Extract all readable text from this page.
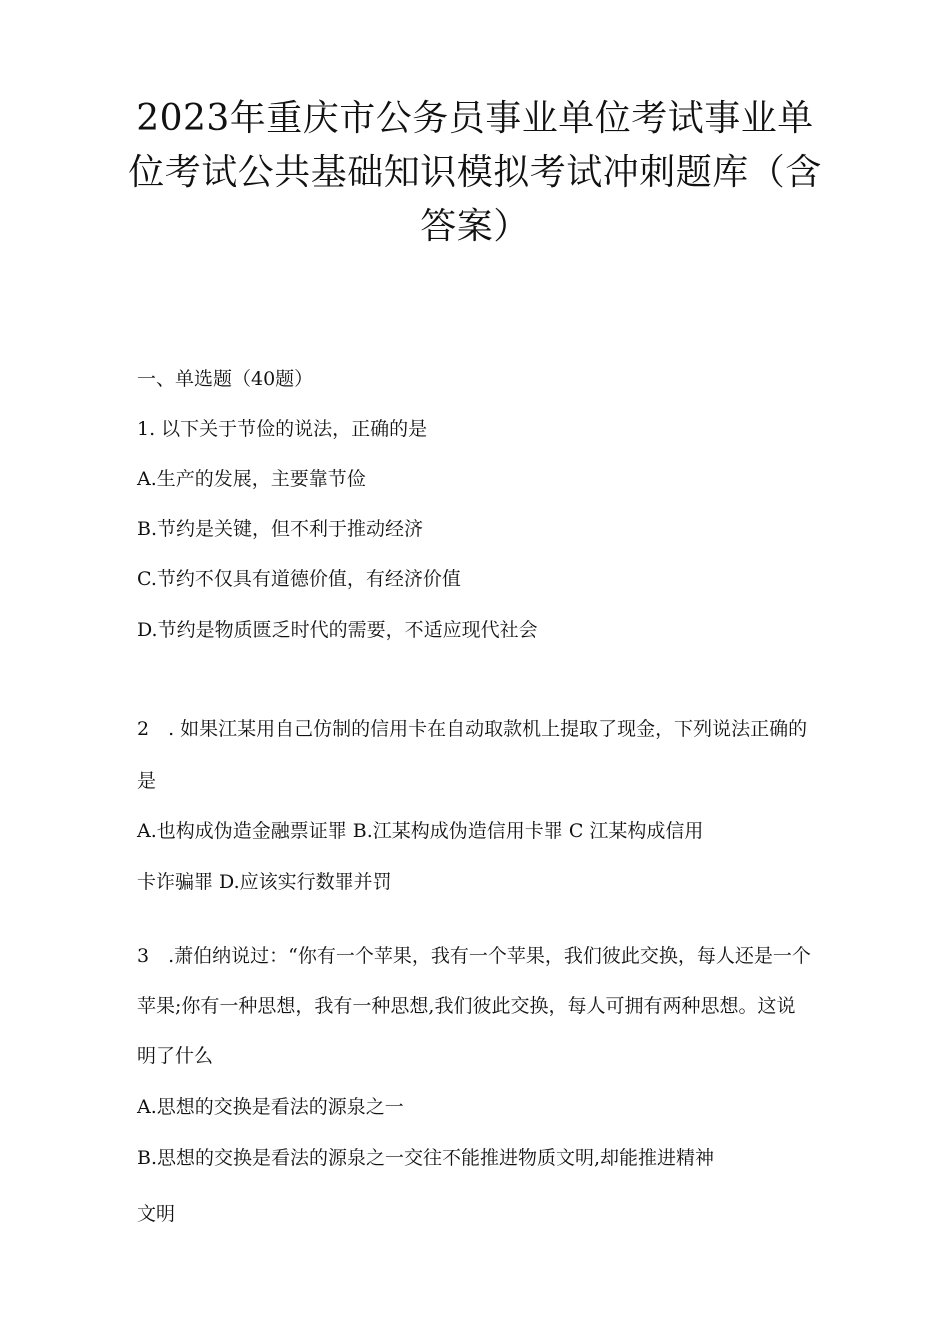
2023年重庆市公务员事业单位考试事业单
位考试公共基础知识模拟考试冲刺题库（含
答案）

一、单选题（40题）

1. 以下关于节俭的说法，正确的是

A.生产的发展，主要靠节俭

B.节约是关键，但不利于推动经济

C.节约不仅具有道德价值，有经济价值

D.节约是物质匮乏时代的需要，不适应现代社会

2　. 如果江某用自己仿制的信用卡在自动取款机上提取了现金，下列说法正确的

是

A.也构成伪造金融票证罪 B.江某构成伪造信用卡罪 C 江某构成信用

卡诈骗罪 D.应该实行数罪并罚

3　.萧伯纳说过：“你有一个苹果，我有一个苹果，我们彼此交换，每人还是一个

苹果;你有一种思想，我有一种思想,我们彼此交换，每人可拥有两种思想。这说

明了什么

A.思想的交换是看法的源泉之一

B.思想的交换是看法的源泉之一交往不能推进物质文明,却能推进精神

文明
